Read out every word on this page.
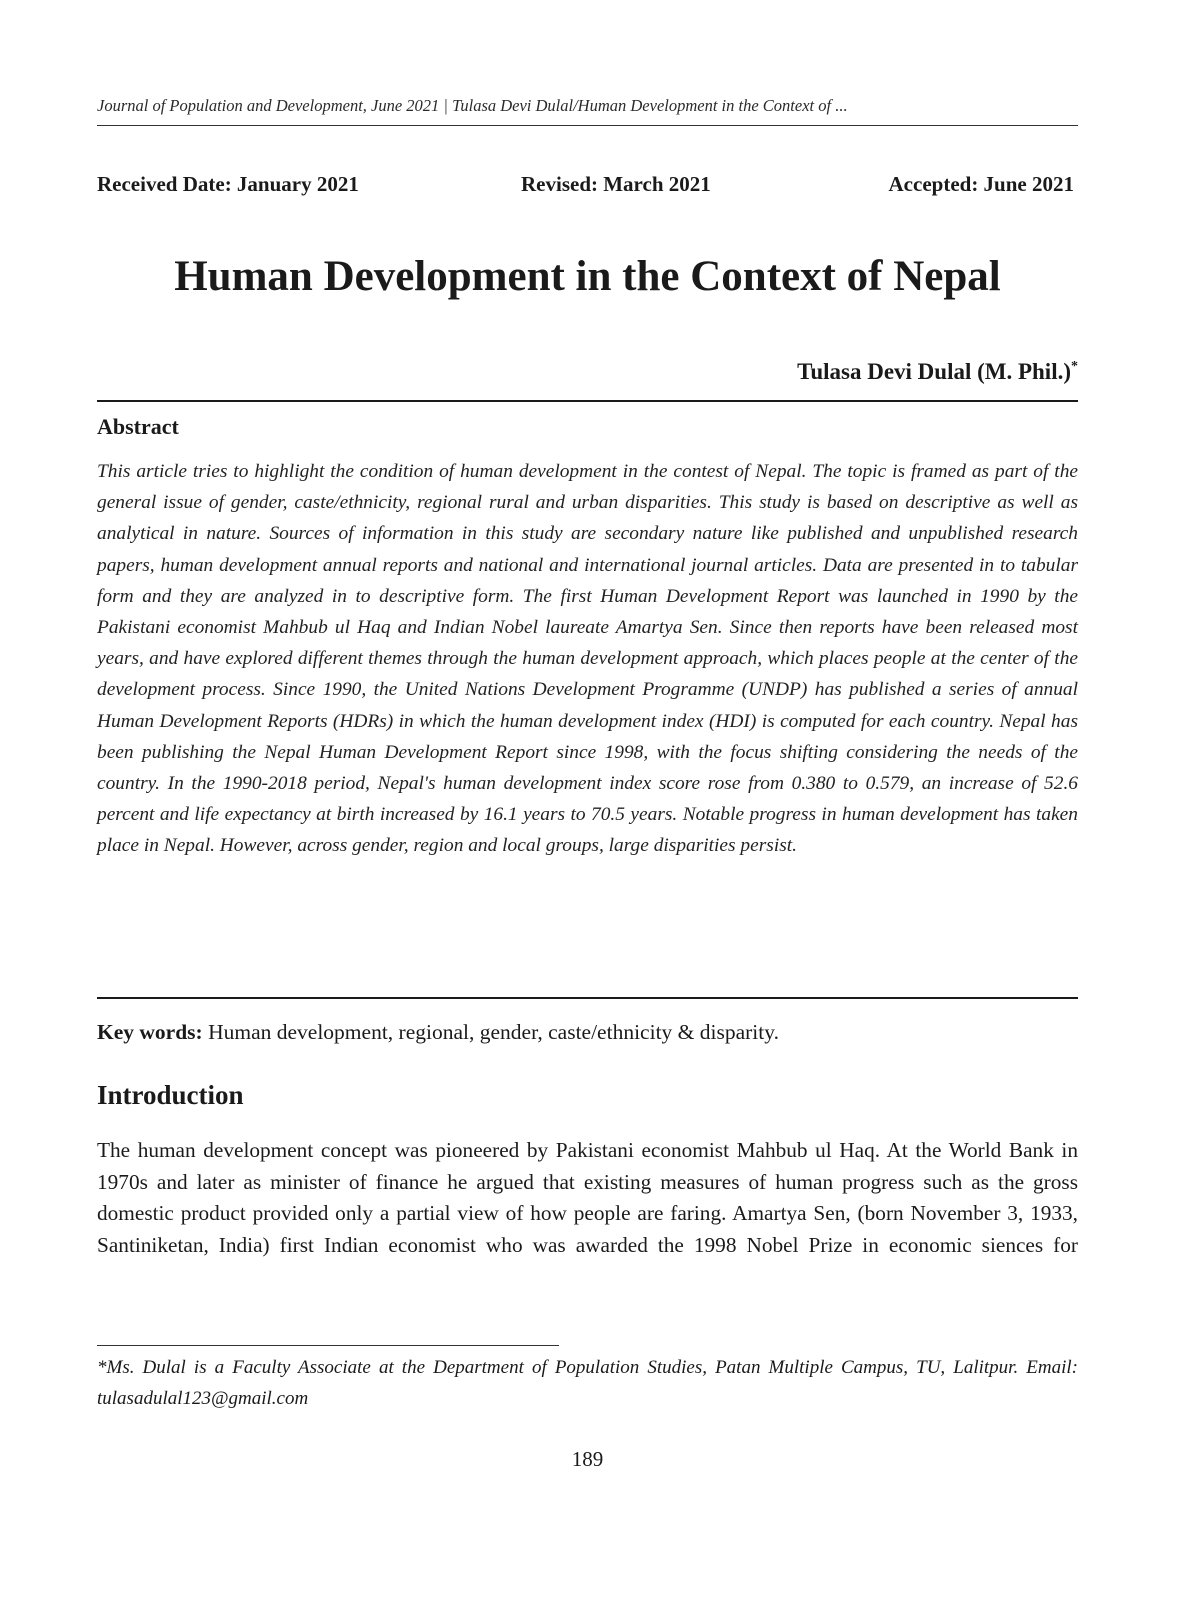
Journal of Population and Development, June 2021 | Tulasa Devi Dulal/Human Development in the Context of ...
Received Date: January 2021	Revised: March 2021	Accepted: June 2021
Human Development in the Context of Nepal
Tulasa Devi Dulal (M. Phil.)*
Abstract

This article tries to highlight the condition of human development in the contest of Nepal. The topic is framed as part of the general issue of gender, caste/ethnicity, regional rural and urban disparities. This study is based on descriptive as well as analytical in nature. Sources of information in this study are secondary nature like published and unpublished research papers, human development annual reports and national and international journal articles. Data are presented in to tabular form and they are analyzed in to descriptive form. The first Human Development Report was launched in 1990 by the Pakistani economist Mahbub ul Haq and Indian Nobel laureate Amartya Sen. Since then reports have been released most years, and have explored different themes through the human development approach, which places people at the center of the development process. Since 1990, the United Nations Development Programme (UNDP) has published a series of annual Human Development Reports (HDRs) in which the human development index (HDI) is computed for each country. Nepal has been publishing the Nepal Human Development Report since 1998, with the focus shifting considering the needs of the country. In the 1990-2018 period, Nepal's human development index score rose from 0.380 to 0.579, an increase of 52.6 percent and life expectancy at birth increased by 16.1 years to 70.5 years. Notable progress in human development has taken place in Nepal. However, across gender, region and local groups, large disparities persist.

Key words: Human development, regional, gender, caste/ethnicity & disparity.
Introduction

The human development concept was pioneered by Pakistani economist Mahbub ul Haq. At the World Bank in 1970s and later as minister of finance he argued that existing measures of human progress such as the gross domestic product provided only a partial view of how people are faring. Amartya Sen, (born November 3, 1933, Santiniketan, India) first Indian economist who was awarded the 1998 Nobel Prize in economic siences for

*Ms. Dulal is a Faculty Associate at the Department of Population Studies, Patan Multiple Campus, TU, Lalitpur. Email: tulasadulal123@gmail.com

189
